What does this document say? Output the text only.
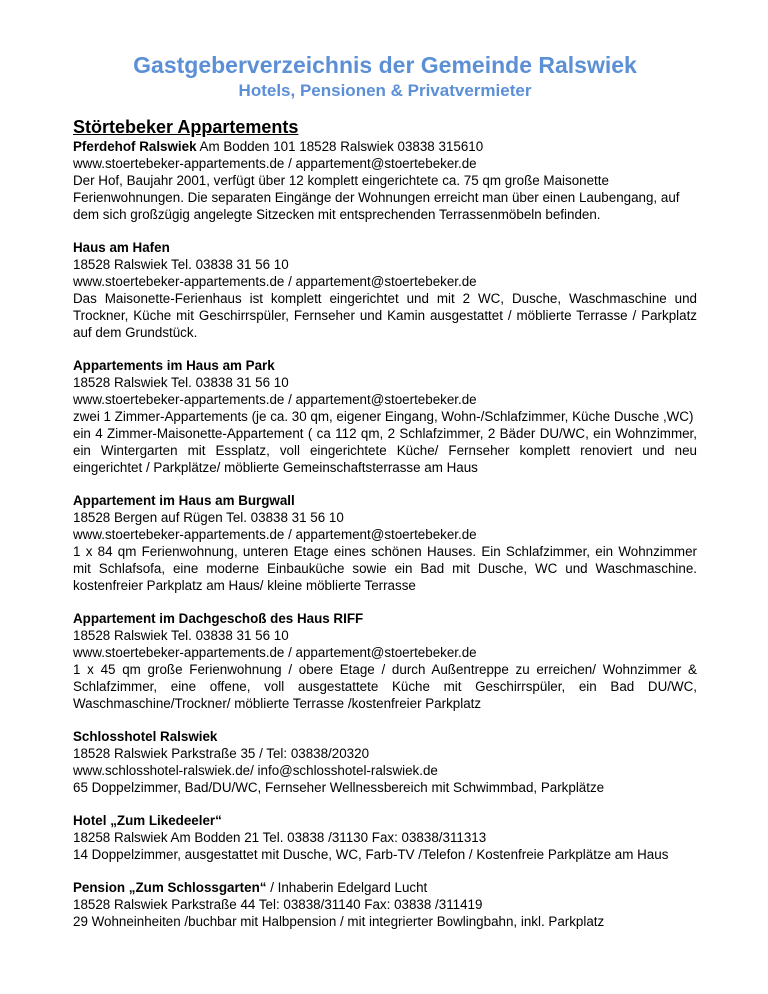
Gastgeberverzeichnis der Gemeinde Ralswiek
Hotels, Pensionen & Privatvermieter
Störtebeker Appartements

Pferdehof Ralswiek Am Bodden 101 18528 Ralswiek 03838 315610

www.stoertebeker-appartements.de / appartement@stoertebeker.de

Der Hof, Baujahr 2001, verfügt über 12 komplett eingerichtete ca. 75 qm große Maisonette Ferienwohnungen. Die separaten Eingänge der Wohnungen erreicht man über einen Laubengang, auf dem sich großzügig angelegte Sitzecken mit entsprechenden Terrassenmöbeln befinden.

Haus am Hafen

18528 Ralswiek Tel. 03838 31 56 10

www.stoertebeker-appartements.de / appartement@stoertebeker.de

Das Maisonette-Ferienhaus ist komplett eingerichtet und mit 2 WC, Dusche, Waschmaschine und Trockner, Küche mit Geschirrspüler, Fernseher und Kamin ausgestattet / möblierte Terrasse / Parkplatz auf dem Grundstück.

Appartements im Haus am Park

18528 Ralswiek Tel. 03838 31 56 10

www.stoertebeker-appartements.de / appartement@stoertebeker.de

zwei 1 Zimmer-Appartements (je ca. 30 qm, eigener Eingang, Wohn-/Schlafzimmer, Küche Dusche ,WC)

ein 4 Zimmer-Maisonette-Appartement ( ca 112 qm, 2 Schlafzimmer, 2 Bäder DU/WC, ein Wohnzimmer, ein Wintergarten mit Essplatz, voll eingerichtete Küche/ Fernseher komplett renoviert und neu eingerichtet / Parkplätze/ möblierte Gemeinschaftsterrasse am Haus

Appartement im Haus am Burgwall

18528 Bergen auf Rügen Tel. 03838 31 56 10

www.stoertebeker-appartements.de / appartement@stoertebeker.de

1 x 84 qm Ferienwohnung, unteren Etage eines schönen Hauses. Ein Schlafzimmer, ein Wohnzimmer mit Schlafsofa, eine moderne Einbauküche sowie ein Bad mit Dusche, WC und Waschmaschine. kostenfreier Parkplatz am Haus/ kleine möblierte Terrasse

Appartement im Dachgeschoß des Haus RIFF

18528 Ralswiek Tel. 03838 31 56 10

www.stoertebeker-appartements.de / appartement@stoertebeker.de

1 x 45 qm große Ferienwohnung / obere Etage / durch Außentreppe zu erreichen/ Wohnzimmer & Schlafzimmer, eine offene, voll ausgestattete Küche mit Geschirrspüler, ein Bad DU/WC, Waschmaschine/Trockner/ möblierte Terrasse /kostenfreier Parkplatz

Schlosshotel Ralswiek

18528 Ralswiek Parkstraße 35 / Tel: 03838/20320

www.schlosshotel-ralswiek.de/ info@schlosshotel-ralswiek.de

65 Doppelzimmer, Bad/DU/WC, Fernseher Wellnessbereich mit Schwimmbad, Parkplätze

Hotel „Zum Likedeeler“

18258 Ralswiek Am Bodden 21 Tel. 03838 /31130 Fax: 03838/311313

14 Doppelzimmer, ausgestattet mit Dusche, WC, Farb-TV /Telefon / Kostenfreie Parkplätze am Haus

Pension „Zum Schlossgarten“ / Inhaberin Edelgard Lucht

18528 Ralswiek Parkstraße 44 Tel: 03838/31140 Fax: 03838 /311419

29 Wohneinheiten /buchbar mit Halbpension / mit integrierter Bowlingbahn, inkl. Parkplatz
